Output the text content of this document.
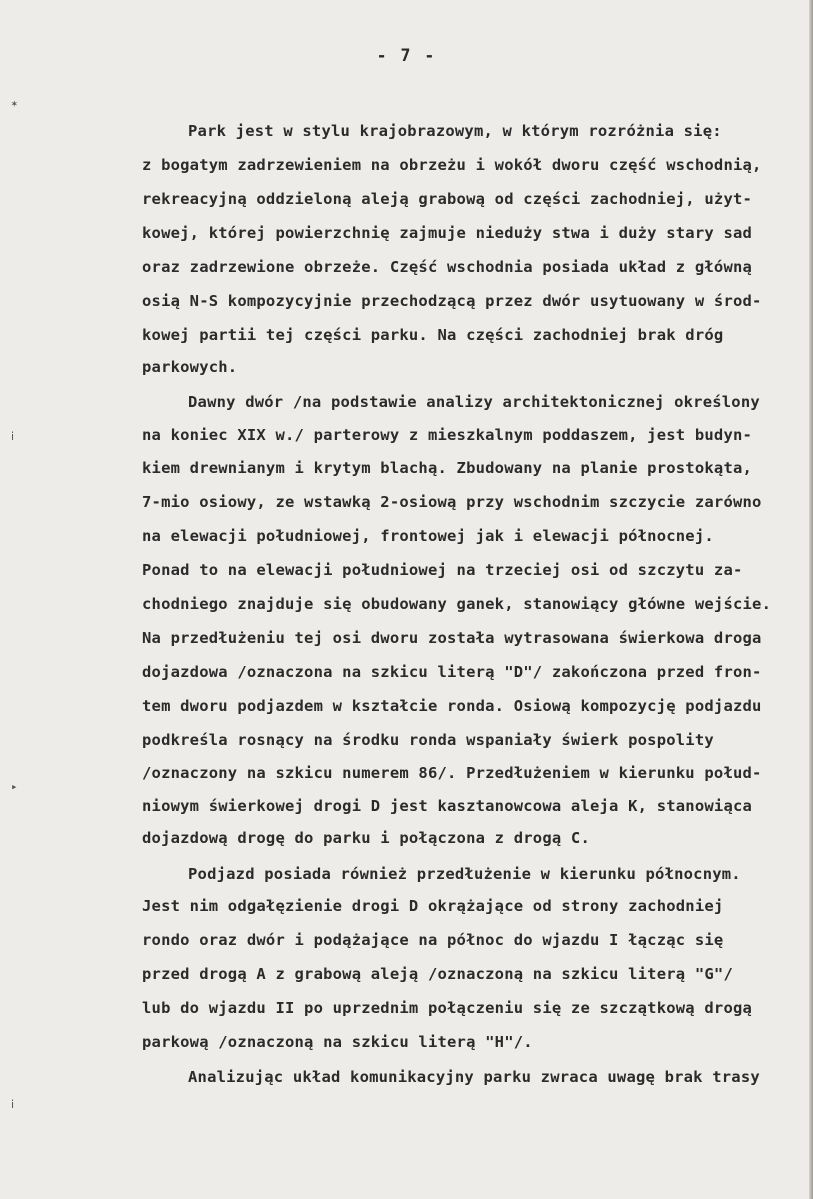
- 7 -
✶
ⅰ
▸
ⅰ
Park jest w stylu krajobrazowym, w którym rozróżnia się:
z bogatym zadrzewieniem na obrzeżu i wokół dworu część wschodnią,
rekreacyjną oddzieloną aleją grabową od części zachodniej, użyt-
kowej, której powierzchnię zajmuje nieduży stwa i duży stary sad
oraz zadrzewione obrzeże. Część wschodnia posiada układ z główną
osią N-S kompozycyjnie przechodzącą przez dwór usytuowany w środ-
kowej partii tej części parku. Na części zachodniej brak dróg
parkowych.
Dawny dwór /na podstawie analizy architektonicznej określony
na koniec XIX w./ parterowy z mieszkalnym poddaszem, jest budyn-
kiem drewnianym i krytym blachą. Zbudowany na planie prostokąta,
7-mio osiowy, ze wstawką 2-osiową przy wschodnim szczycie zarówno
na elewacji południowej, frontowej jak i elewacji północnej.
Ponad to na elewacji południowej na trzeciej osi od szczytu za-
chodniego znajduje się obudowany ganek, stanowiący główne wejście.
Na przedłużeniu tej osi dworu została wytrasowana świerkowa droga
dojazdowa /oznaczona na szkicu literą "D"/ zakończona przed fron-
tem dworu podjazdem w kształcie ronda. Osiową kompozycję podjazdu
podkreśla rosnący na środku ronda wspaniały świerk pospolity
/oznaczony na szkicu numerem 86/. Przedłużeniem w kierunku połud-
niowym świerkowej drogi D jest kasztanowcowa aleja K, stanowiąca
dojazdową drogę do parku i połączona z drogą C.
Podjazd posiada również przedłużenie w kierunku północnym.
Jest nim odgałęzienie drogi D okrążające od strony zachodniej
rondo oraz dwór i podążające na północ do wjazdu I łącząc się
przed drogą A z grabową aleją /oznaczoną na szkicu literą "G"/
lub do wjazdu II po uprzednim połączeniu się ze szczątkową drogą
parkową /oznaczoną na szkicu literą "H"/.
Analizując układ komunikacyjny parku zwraca uwagę brak trasy
